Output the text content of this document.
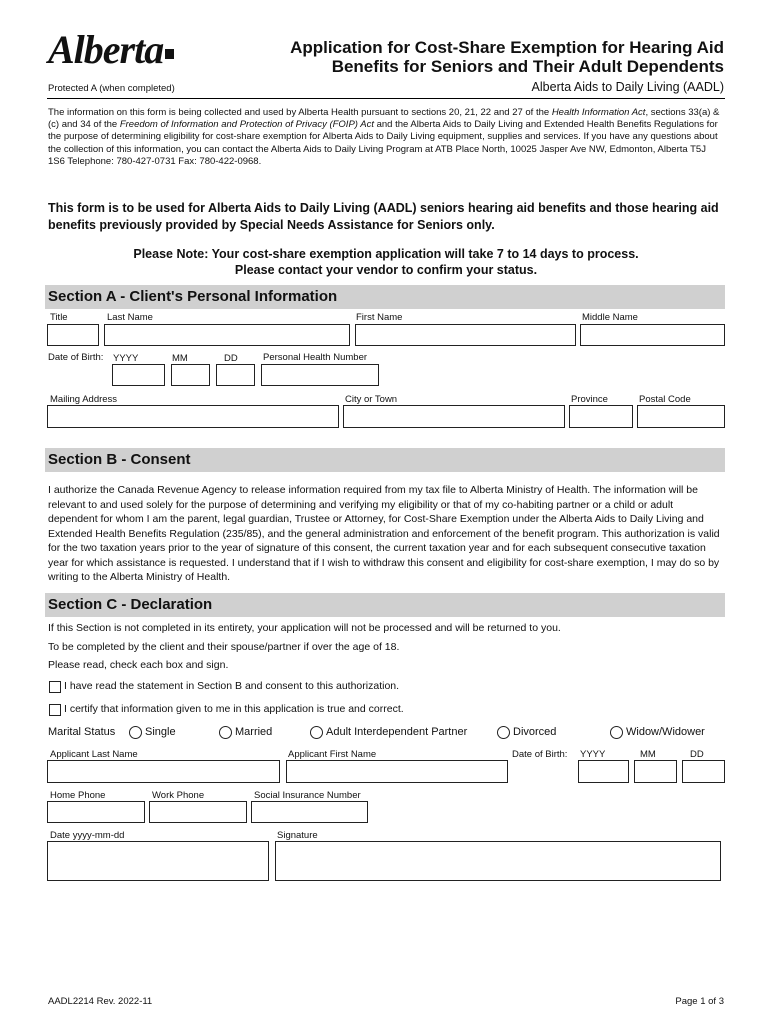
Alberta	Application for Cost-Share Exemption for Hearing Aid
Benefits for Seniors and Their Adult Dependents
Protected A (when completed)	Alberta Aids to Daily Living (AADL)
The information on this form is being collected and used by Alberta Health pursuant to sections 20, 21, 22 and 27 of the Health Information Act, sections 33(a) & (c) and 34 of the Freedom of Information and Protection of Privacy (FOIP) Act and the Alberta Aids to Daily Living and Extended Health Benefits Regulations for the purpose of determining eligibility for cost-share exemption for Alberta Aids to Daily Living equipment, supplies and services. If you have any questions about the collection of this information, you can contact the Alberta Aids to Daily Living Program at ATB Place North, 10025 Jasper Ave NW, Edmonton, Alberta T5J 1S6 Telephone: 780-427-0731 Fax: 780-422-0968.
This form is to be used for Alberta Aids to Daily Living (AADL) seniors hearing aid benefits and those hearing aid benefits previously provided by Special Needs Assistance for Seniors only.
Please Note: Your cost-share exemption application will take 7 to 14 days to process.
Please contact your vendor to confirm your status.
Section A - Client's Personal Information
Title	Last Name	First Name	Middle Name
Date of Birth: YYYY	MM	DD	Personal Health Number
Mailing Address	City or Town	Province	Postal Code
Section B - Consent
I authorize the Canada Revenue Agency to release information required from my tax file to Alberta Ministry of Health. The information will be relevant to and used solely for the purpose of determining and verifying my eligibility or that of my co-habiting partner or a child or adult dependent for whom I am the parent, legal guardian, Trustee or Attorney, for Cost-Share Exemption under the Alberta Aids to Daily Living and Extended Health Benefits Regulation (235/85), and the general administration and enforcement of the benefit program. This authorization is valid for the two taxation years prior to the year of signature of this consent, the current taxation year and for each subsequent consecutive taxation year for which assistance is requested. I understand that if I wish to withdraw this consent and eligibility for cost-share exemption, I may do so by writing to the Alberta Ministry of Health.
Section C - Declaration
If this Section is not completed in its entirety, your application will not be processed and will be returned to you.
To be completed by the client and their spouse/partner if over the age of 18.
Please read, check each box and sign.
I have read the statement in Section B and consent to this authorization.
I certify that information given to me in this application is true and correct.
Marital Status	Single	Married	Adult Interdependent Partner	Divorced	Widow/Widower
Applicant Last Name	Applicant First Name	Date of Birth: YYYY	MM	DD
Home Phone	Work Phone	Social Insurance Number
Date yyyy-mm-dd	Signature
AADL2214 Rev. 2022-11	Page 1 of 3
